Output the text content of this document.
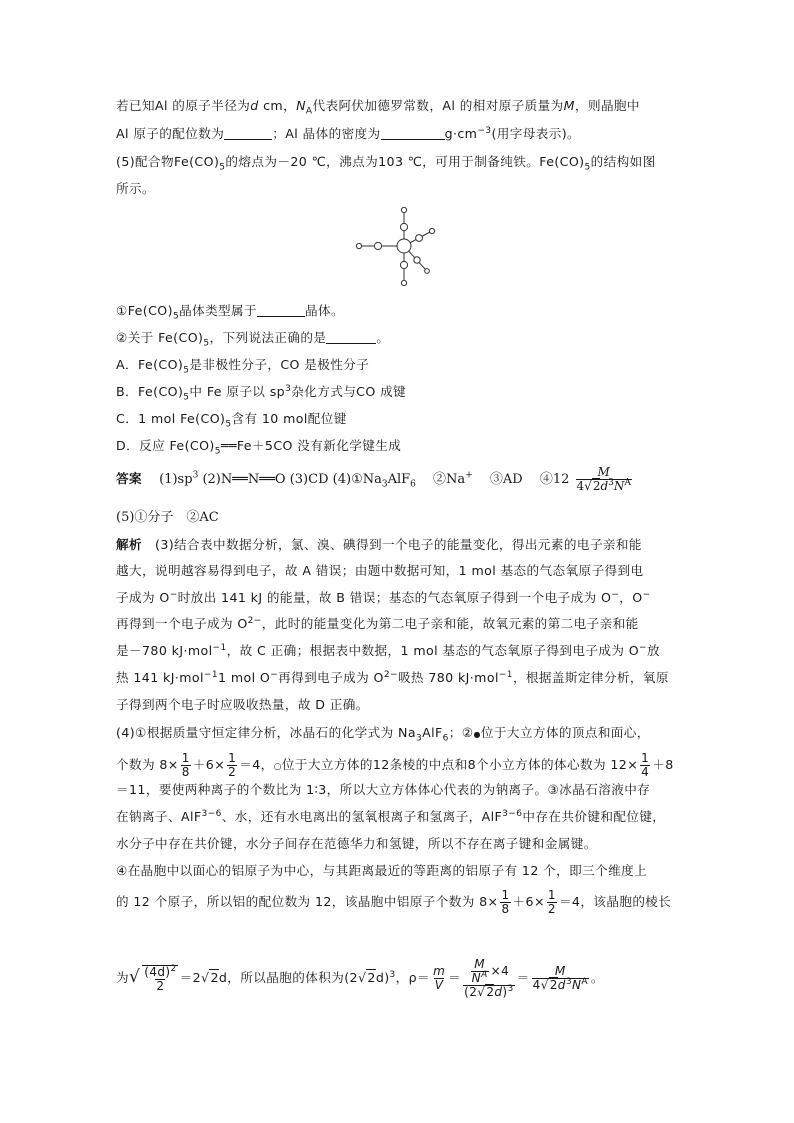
若已知Al 的原子半径为d cm，$N_A$代表阿伏加德罗常数，Al 的相对原子质量为M，则晶胞中
Al 原子的配位数为	；Al 晶体的密度为	$g\cdot cm^{-3}$(用字母表示)。
(5)配合物$Fe(CO)_5$的熔点为－20 ℃，沸点为103 ℃，可用于制备纯铁。$Fe(CO)_5$的结构如图
所示。
$①Fe(CO)_5$晶体类型属于	晶体。
②关于 $Fe(CO)_5$，下列说法正确的是	。
A．$Fe(CO)_5$是非极性分子，CO 是极性分子
B．$Fe(CO)_5$中 Fe 原子以 $sp^3$杂化方式与CO 成键
C．1 mol $Fe(CO)_5$含有 10 mol配位键
D．反应 $Fe(CO)_5══Fe+5CO$ 没有新化学键生成
答案　 $(1)sp^3$ (2)N══N══O (3)CD $(4)①Na_3AlF_6$　 ②Na+　 ③AD　 ④12 $\frac{M}{4√2d^3N^A}$
(5)①分子　②AC
解析　 (3)结合表中数据分析，氯、溴、碘得到一个电子的能量变化，得出元素的电子亲和能
越大，说明越容易得到电子，故 A 错误；由题中数据可知，1 mol 基态的气态氧原子得到电
子成为 O−时放出 141 kJ 的能量，故 B 错误；基态的气态氧原子得到一个电子成为 O−，O−
再得到一个电子成为 $O^{2-}$，此时的能量变化为第二电子亲和能，故氧元素的第二电子亲和能
是－780 kJ·mol$^{-1}$，故 C 正确；根据表中数据，1 mol 基态的气态氧原子得到电子成为 O−放
热 141 kJ·mol$^{-1}$1 mol O−再得到电子成为 $O^{2-}$吸热 780 kJ·mol$^{-1}$，根据盖斯定律分析，氧原
子得到两个电子时应吸收热量，故 D 正确。
(4)①根据质量守恒定律分析，冰晶石的化学式为 $Na_3AlF_6$；②●位于大立方体的顶点和面心，
个数为 $8\times \frac{1}{8} +6\times \frac{1}{2} =4$，○位于大立方体的12条棱的中点和8个小立方体的体心数为 $12\times \frac{1}{4} +8$
＝11，要使两种离子的个数比为 1∶3，所以大立方体体心代表的为钠离子。③冰晶石溶液中存
在钠离子、AlF$^{3-6}$、水，还有水电离出的氢氧根离子和氢离子，AlF$^{3-6}$中存在共价键和配位键，
水分子中存在共价键，水分子间存在范德华力和氢键，所以不存在离子键和金属键。
④在晶胞中以面心的铝原子为中心，与其距离最近的等距离的铝原子有 12 个，即三个维度上
的 12 个原子，所以铝的配位数为 12，该晶胞中铝原子个数为 $8\times \frac{1}{8} +6\times \frac{1}{2} =4$，该晶胞的棱长
为√ $\frac{(4d)^2}{2} =2√2d$，所以晶胞的体积为$(2√2d)^3$，$\rho= \frac{m}{V} = \frac{\frac{M}{N^A} \times 4}{(2√2d)^3} = \frac{M}{4√2d^3N^A}$ 。
